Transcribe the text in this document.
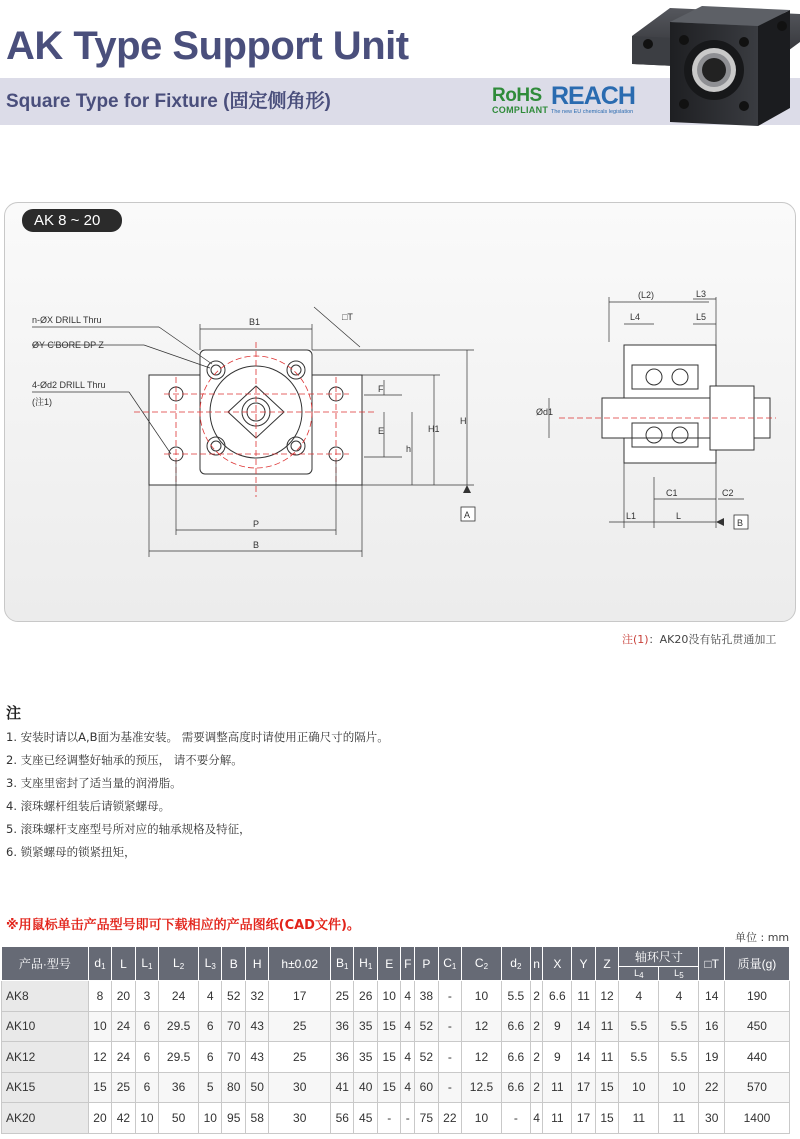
AK Type Support Unit
Square Type for Fixture (固定侧角形)	RoHS
COMPLIANT REACH
The new EU chemicals legislation
n-ØX DRILL Thru
ØY C'BORE DP Z
4-Ød2 DRILL Thru
(注1)
B1	□T
F
E
h
H1
H
P
B
A
(L2)	L3
L4	L5
Ød1
C1	C2
L1	L
B
AK 8 ~ 20
注(1)：AK20没有钻孔贯通加工
注
1. 安装时请以A,B面为基准安装。 需要调整高度时请使用正确尺寸的隔片。
2. 支座已经调整好轴承的预压， 请不要分解。
3. 支座里密封了适当量的润滑脂。
4. 滚珠螺杆组装后请锁紧螺母。
5. 滚珠螺杆支座型号所对应的轴承规格及特征，
6. 锁紧螺母的锁紧扭矩，
※用鼠标单击产品型号即可下载相应的产品图纸(CAD文件)。
单位 : mm
产品·型号	d1	L	L1	L2	L3	B	H	h±0.02	B1	H1	E	F	P	C1	C2	d2	n	X	Y	Z	轴环尺寸		□T	质量(g)
																					L4	L5		
AK8	8	20	3	24	4	52	32	17	25	26	10	4	38	-	10	5.5	2	6.6	11	12	4	4	14	190
AK10	10	24	6	29.5	6	70	43	25	36	35	15	4	52	-	12	6.6	2	9	14	11	5.5	5.5	16	450
AK12	12	24	6	29.5	6	70	43	25	36	35	15	4	52	-	12	6.6	2	9	14	11	5.5	5.5	19	440
AK15	15	25	6	36	5	80	50	30	41	40	15	4	60	-	12.5	6.6	2	11	17	15	10	10	22	570
AK20	20	42	10	50	10	95	58	30	56	45	-	-	75	22	10	-	4	11	17	15	11	11	30	1400
